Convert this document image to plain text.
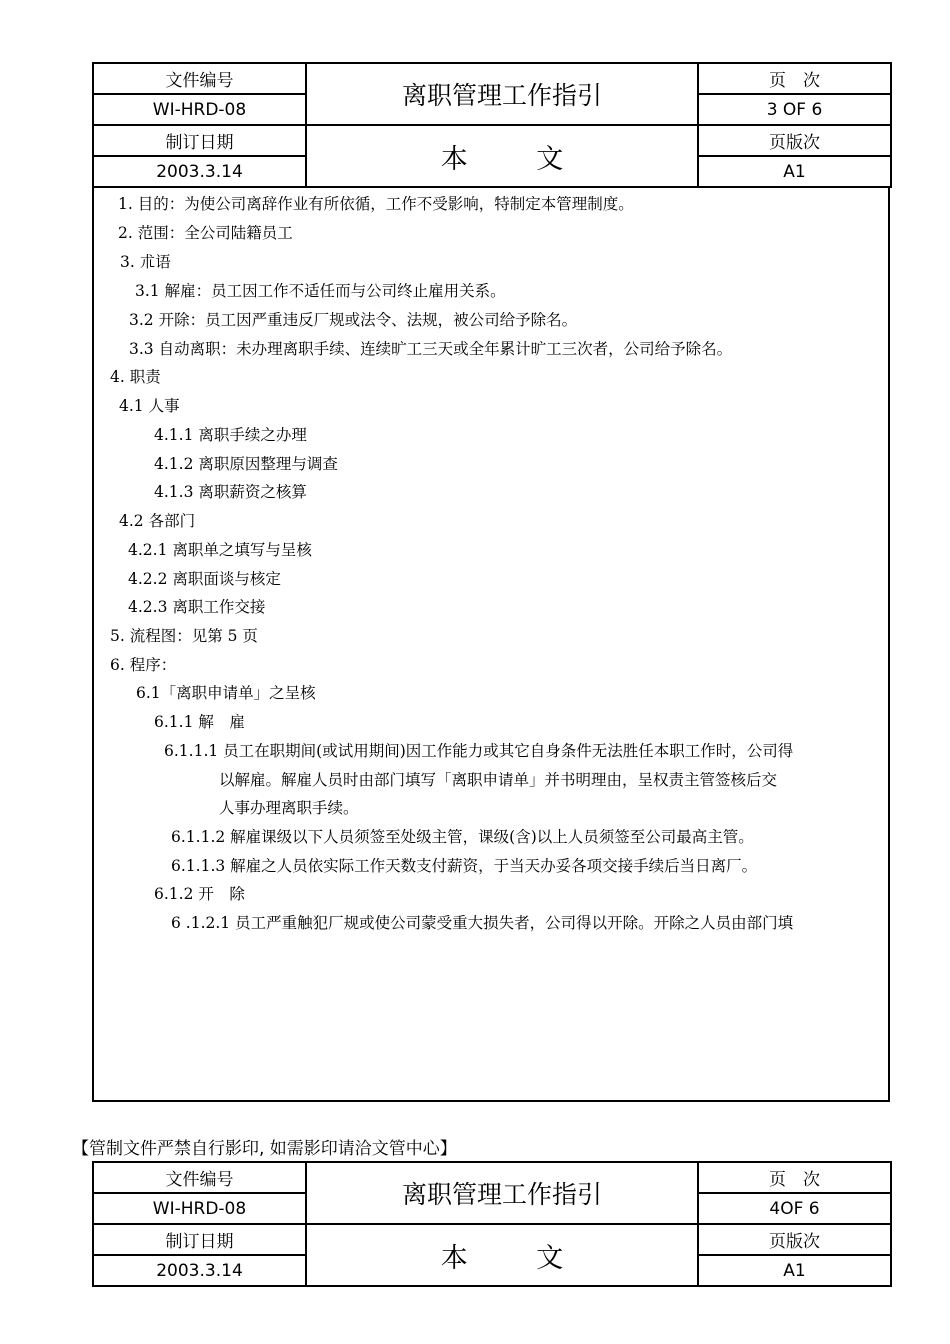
文件编号	离职管理工作指引	页　次
WI-HRD-08		3 OF 6
制订日期	本 文	页版次
2003.3.14		A1
1. 目的：为使公司离辞作业有所依循，工作不受影响，特制定本管理制度。
2. 范围：全公司陆籍员工
3. 朮语
3.1 解雇：员工因工作不适任而与公司终止雇用关系。
3.2 开除：员工因严重违反厂规或法令、法规，被公司给予除名。
3.3 自动离职：未办理离职手续、连续旷工三天或全年累计旷工三次者，公司给予除名。
4. 职责
4.1 人事
4.1.1 离职手续之办理
4.1.2 离职原因整理与调查
4.1.3 离职薪资之核算
4.2 各部门
4.2.1 离职单之填写与呈核
4.2.2 离职面谈与核定
4.2.3 离职工作交接
5. 流程图：见第 5 页
6. 程序：
6.1「离职申请单」之呈核
6.1.1 解　雇
6.1.1.1 员工在职期间(或试用期间)因工作能力或其它自身条件无法胜任本职工作时，公司得
以解雇。解雇人员时由部门填写「离职申请单」并书明理由，呈权责主管签核后交
人事办理离职手续。
6.1.1.2 解雇课级以下人员须签至处级主管，课级(含)以上人员须签至公司最高主管。
6.1.1.3 解雇之人员依实际工作天数支付薪资，于当天办妥各项交接手续后当日离厂。
6.1.2 开　除
6 .1.2.1 员工严重触犯厂规或使公司蒙受重大损失者，公司得以开除。开除之人员由部门填
【管制文件严禁自行影印, 如需影印请洽文管中心】
文件编号	离职管理工作指引	页　次
WI-HRD-08		4OF 6
制订日期	本 文	页版次
2003.3.14		A1
